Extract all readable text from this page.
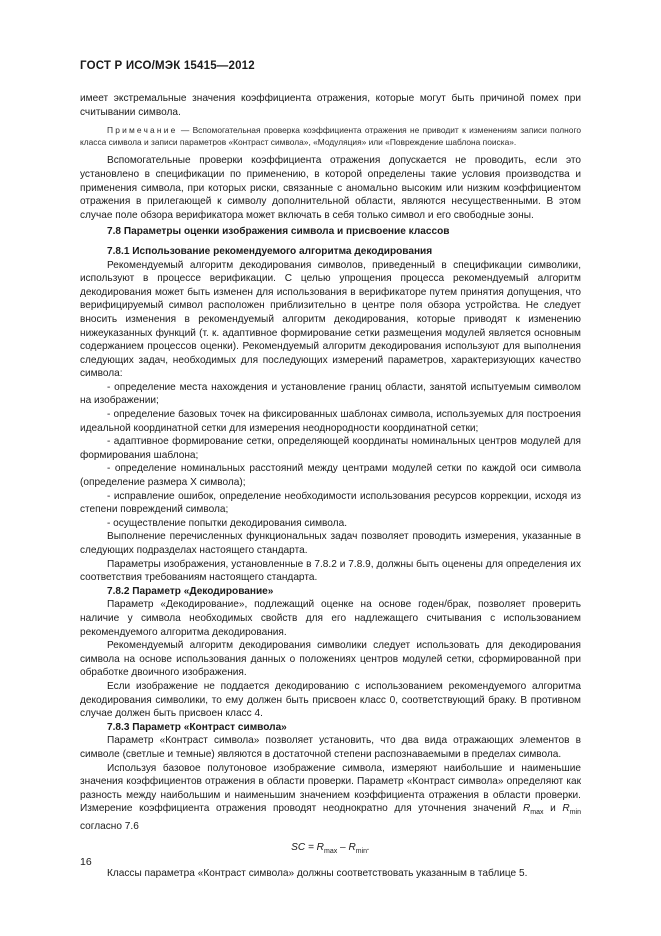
ГОСТ Р ИСО/МЭК 15415—2012

имеет экстремальные значения коэффициента отражения, которые могут быть причиной помех при считывании символа.

Примечание — Вспомогательная проверка коэффициента отражения не приводит к изменениям записи полного класса символа и записи параметров «Контраст символа», «Модуляция» или «Повреждение шаблона поиска».

Вспомогательные проверки коэффициента отражения допускается не проводить, если это установлено в спецификации по применению, в которой определены такие условия производства и применения символа, при которых риски, связанные с аномально высоким или низким коэффициентом отражения в прилегающей к символу дополнительной области, являются несущественными. В этом случае поле обзора верификатора может включать в себя только символ и его свободные зоны.

7.8 Параметры оценки изображения символа и присвоение классов

7.8.1 Использование рекомендуемого алгоритма декодирования

Рекомендуемый алгоритм декодирования символов, приведенный в спецификации символики, используют в процессе верификации. С целью упрощения процесса рекомендуемый алгоритм декодирования может быть изменен для использования в верификаторе путем принятия допущения, что верифицируемый символ расположен приблизительно в центре поля обзора устройства. Не следует вносить изменения в рекомендуемый алгоритм декодирования, которые приводят к изменению нижеуказанных функций (т. к. адаптивное формирование сетки размещения модулей является основным содержанием процессов оценки). Рекомендуемый алгоритм декодирования используют для выполнения следующих задач, необходимых для последующих измерений параметров, характеризующих качество символа:

- определение места нахождения и установление границ области, занятой испытуемым символом на изображении;

- определение базовых точек на фиксированных шаблонах символа, используемых для построения идеальной координатной сетки для измерения неоднородности координатной сетки;

- адаптивное формирование сетки, определяющей координаты номинальных центров модулей для формирования шаблона;

- определение номинальных расстояний между центрами модулей сетки по каждой оси символа (определение размера X символа);

- исправление ошибок, определение необходимости использования ресурсов коррекции, исходя из степени повреждений символа;

- осуществление попытки декодирования символа.

Выполнение перечисленных функциональных задач позволяет проводить измерения, указанные в следующих подразделах настоящего стандарта.

Параметры изображения, установленные в 7.8.2 и 7.8.9, должны быть оценены для определения их соответствия требованиям настоящего стандарта.

7.8.2 Параметр «Декодирование»

Параметр «Декодирование», подлежащий оценке на основе годен/брак, позволяет проверить наличие у символа необходимых свойств для его надлежащего считывания с использованием рекомендуемого алгоритма декодирования.

Рекомендуемый алгоритм декодирования символики следует использовать для декодирования символа на основе использования данных о положениях центров модулей сетки, сформированной при обработке двоичного изображения.

Если изображение не поддается декодированию с использованием рекомендуемого алгоритма декодирования символики, то ему должен быть присвоен класс 0, соответствующий браку. В противном случае должен быть присвоен класс 4.

7.8.3 Параметр «Контраст символа»

Параметр «Контраст символа» позволяет установить, что два вида отражающих элементов в символе (светлые и темные) являются в достаточной степени распознаваемыми в пределах символа.

Используя базовое полутоновое изображение символа, измеряют наибольшие и наименьшие значения коэффициентов отражения в области проверки. Параметр «Контраст символа» определяют как разность между наибольшим и наименьшим значением коэффициента отражения в области проверки. Измерение коэффициента отражения проводят неоднократно для уточнения значений $R_{max}$ и $R_{min}$ согласно 7.6

SC = $R_{max} - R_{min}$.

Классы параметра «Контраст символа» должны соответствовать указанным в таблице 5.

16
